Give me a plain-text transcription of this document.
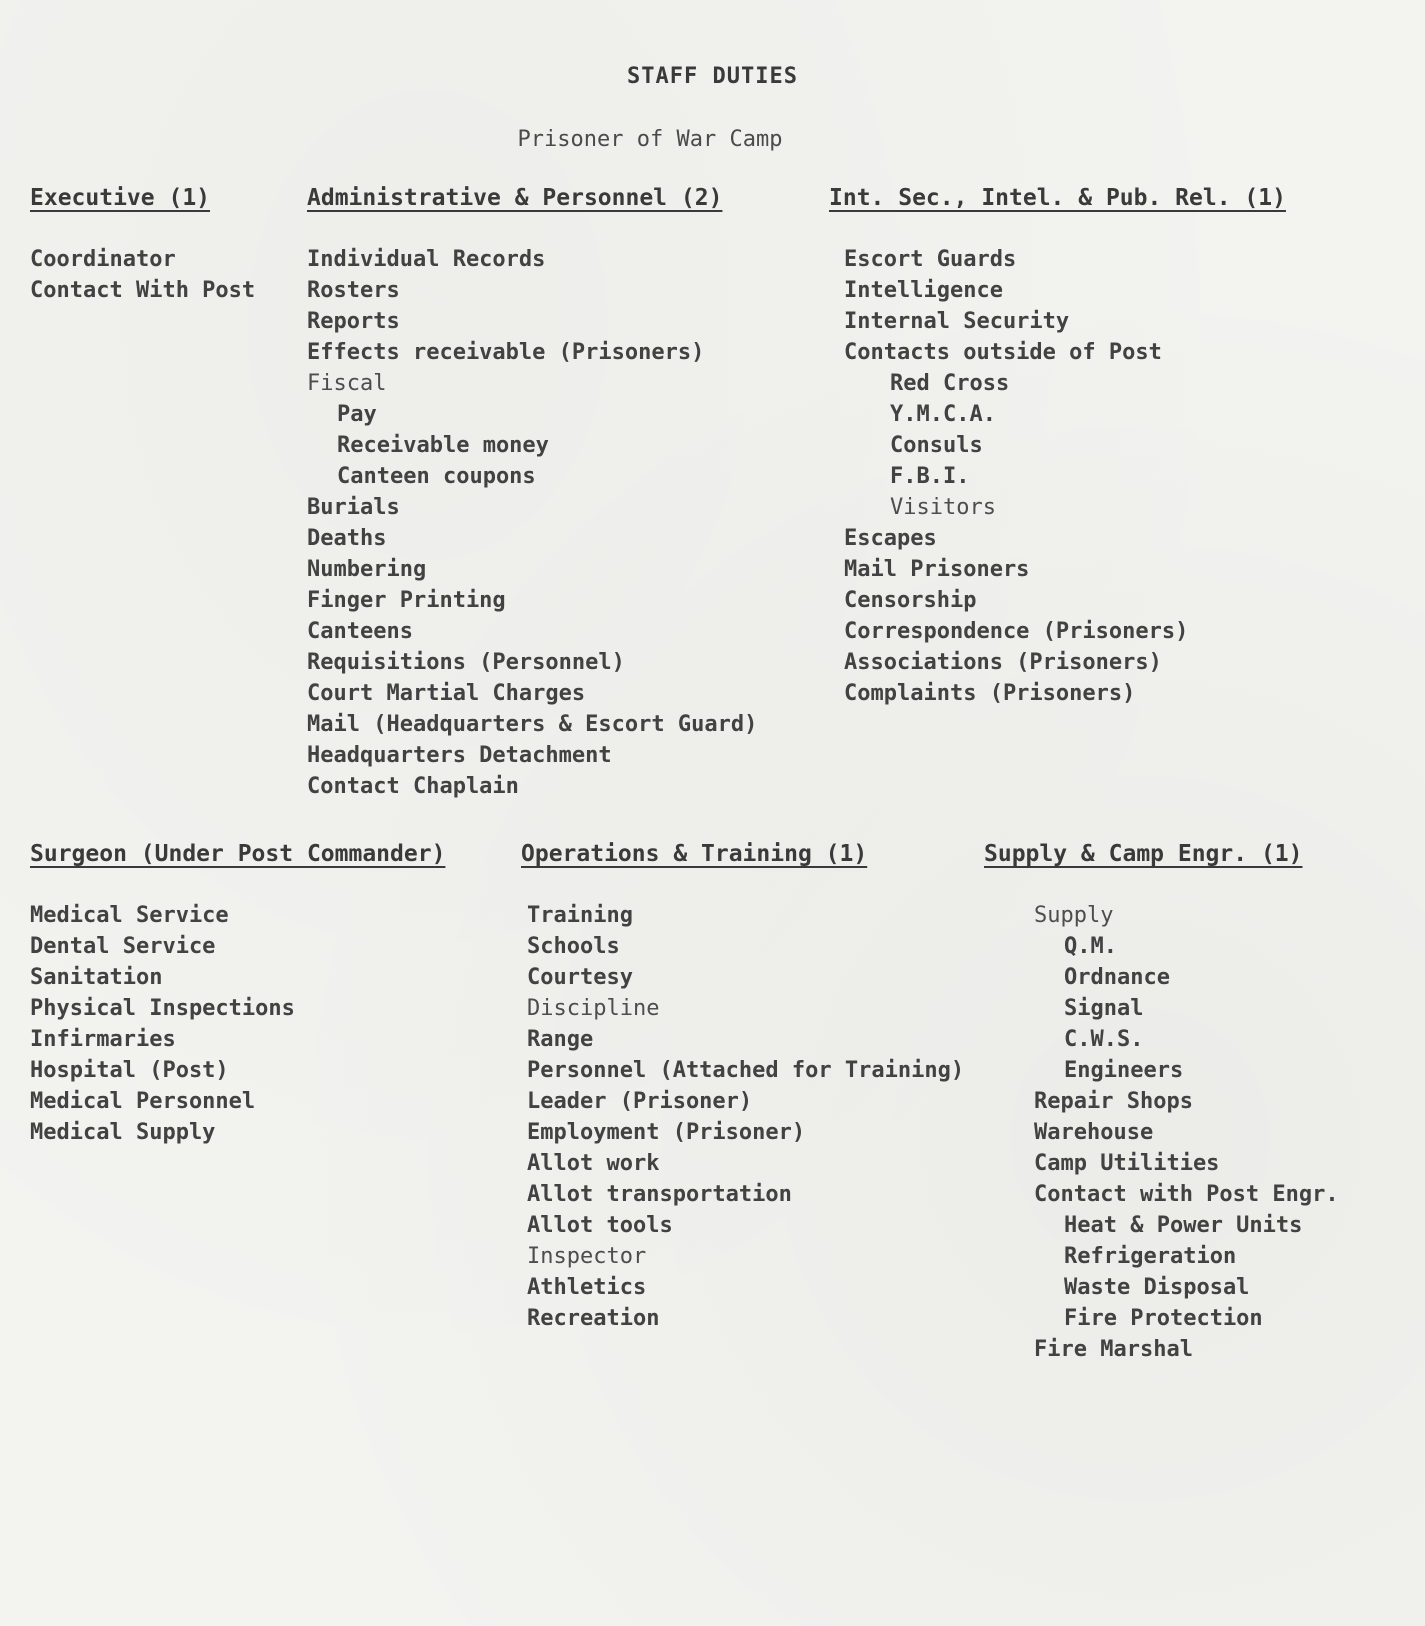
STAFF DUTIES
Prisoner of War Camp
Executive (1)
Coordinator
Contact With Post
Administrative & Personnel (2)
Individual Records
Rosters
Reports
Effects receivable (Prisoners)
Fiscal
Pay
Receivable money
Canteen coupons
Burials
Deaths
Numbering
Finger Printing
Canteens
Requisitions (Personnel)
Court Martial Charges
Mail (Headquarters & Escort Guard)
Headquarters Detachment
Contact Chaplain
Int. Sec., Intel. & Pub. Rel. (1)
Escort Guards
Intelligence
Internal Security
Contacts outside of Post
Red Cross
Y.M.C.A.
Consuls
F.B.I.
Visitors
Escapes
Mail Prisoners
Censorship
Correspondence (Prisoners)
Associations (Prisoners)
Complaints (Prisoners)
Surgeon (Under Post Commander)
Medical Service
Dental Service
Sanitation
Physical Inspections
Infirmaries
Hospital (Post)
Medical Personnel
Medical Supply
Operations & Training (1)
Training
Schools
Courtesy
Discipline
Range
Personnel (Attached for Training)
Leader (Prisoner)
Employment (Prisoner)
Allot work
Allot transportation
Allot tools
Inspector
Athletics
Recreation
Supply & Camp Engr. (1)
Supply
Q.M.
Ordnance
Signal
C.W.S.
Engineers
Repair Shops
Warehouse
Camp Utilities
Contact with Post Engr.
Heat & Power Units
Refrigeration
Waste Disposal
Fire Protection
Fire Marshal
